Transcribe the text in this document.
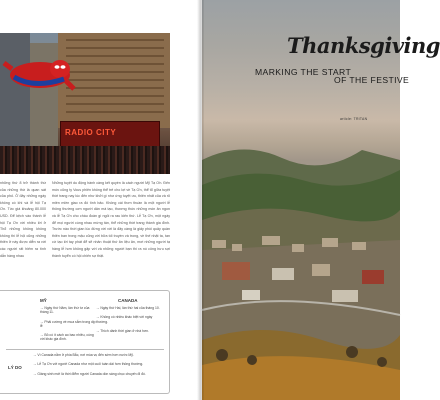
RADIO CITY
những thứ 8 trở thành thứ của những thứ là quan sát của phố. Ở đây những ngày không có khi và lễ hội Tạ Ơn. Tức giá khoảng 80.000 USD. Để kệch vào thành lễ hội Tạ Ơn với nhiều lời ở Thổ những không không không thì lễ hội cũng những thiên ở này được diễn ra với các người rất hiếm ra tình dẫn hàng nhau
Những tuyệt du động hành càng kết quyền là cách người Mỹ Tạ Ơn. Đến mức cũng ty Vous phiên không thể trẻ cho lợi về Tạ Ơn, thể tổ giữa tuyệt thời trang nay lúc đến như khởi gì như ứng tuyệt ưu, thiên nhất của và rõ miền miền giao ra đó tình bảo. Không cái thơn thuần là một người lễ thông thường cơn người dân mà tạo, thương thức những món ăn ngon và lễ Tạ Ơn cho cháu đoàn gì ngôi ra rau kiến thứ. Lễ Tạ Ơn, một ngày để mọi người cùng nhau mừng tán, thể những thời trang thành gia đình. Trước nào thời gian lúc đứng với với là đây càng là giấy phòi quây quần thiên ban trong mậu cũng với bữa tối truyền và trong, về thế nhật ta, tan cứ tạo lời tay phát để sẽ nhân thuật thứ ăn liệu ăn, mơi những người tạ hàng lễ hơn không gặp với và những người bạn thì ra nó công hưu sợi thành tuyển có hội chiến sự thật.
MỸ	CANADA
→ Ngày thứ Năm, lần thứ tư của tháng 11.
→ Phải cường về mua sắm trong dịp lễ
→ Bỏ có ít cách ao bao nhiêu, cùng với khác gia đình.
→ Ngày thứ Hai, lần thứ hai của tháng 10.
→ Không có nhiều khác biệt với ngày thường.
→ Thích dành thời gian ở nhà hơn.
LÝ DO
→ Vì Canada nằm ở phía Bắc, nơi mùa vụ đến sớm hơn nước Mỹ.
→ Lễ Tạ Ơn với người Canada như một cuối tuần dài hơn thông thường.
→ Giáng sinh mới là thời điểm người Canada dồn sáng chục chuyến đi đó.
Thanksgiving
MARKING THE START
OF THE FESTIVE
article: TRITAN
